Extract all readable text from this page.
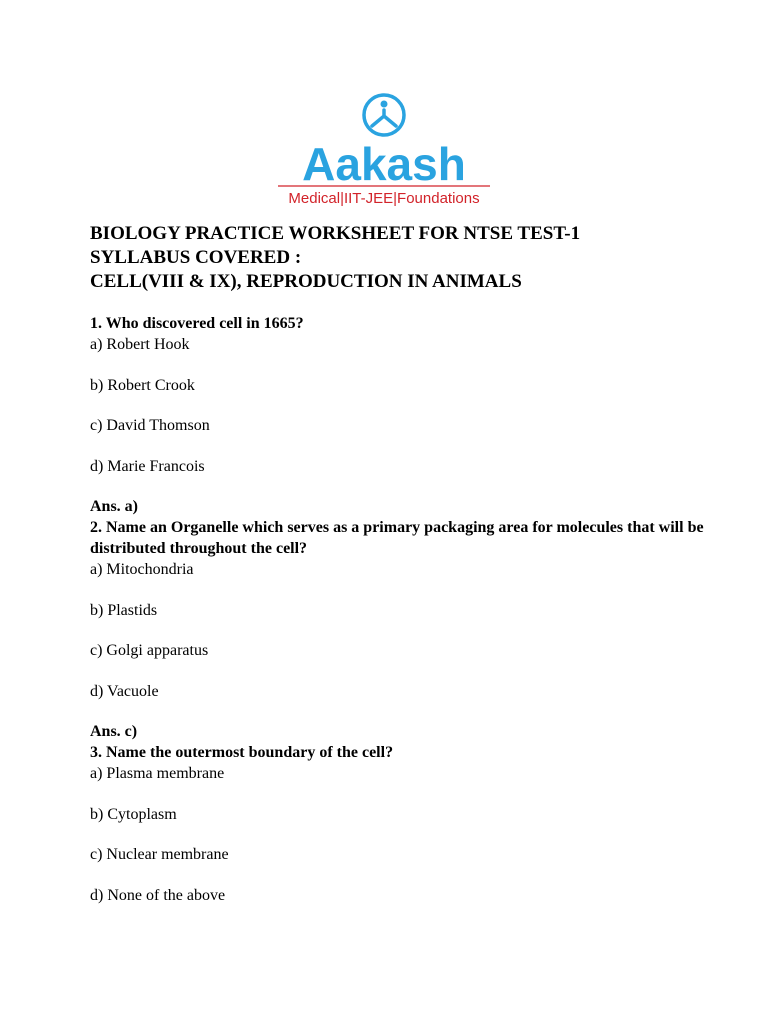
Aakash
Medical|IIT-JEE|Foundations
BIOLOGY PRACTICE WORKSHEET FOR NTSE TEST-1
SYLLABUS COVERED :
CELL(VIII & IX), REPRODUCTION IN ANIMALS
1. Who discovered cell in 1665?
a) Robert Hook
b) Robert Crook
c) David Thomson
d) Marie Francois
Ans. a)
2. Name an Organelle which serves as a primary packaging area for molecules that will be distributed throughout the cell?
a) Mitochondria
b) Plastids
c) Golgi apparatus
d) Vacuole
Ans. c)
3. Name the outermost boundary of the cell?
a) Plasma membrane
b) Cytoplasm
c) Nuclear membrane
d) None of the above
